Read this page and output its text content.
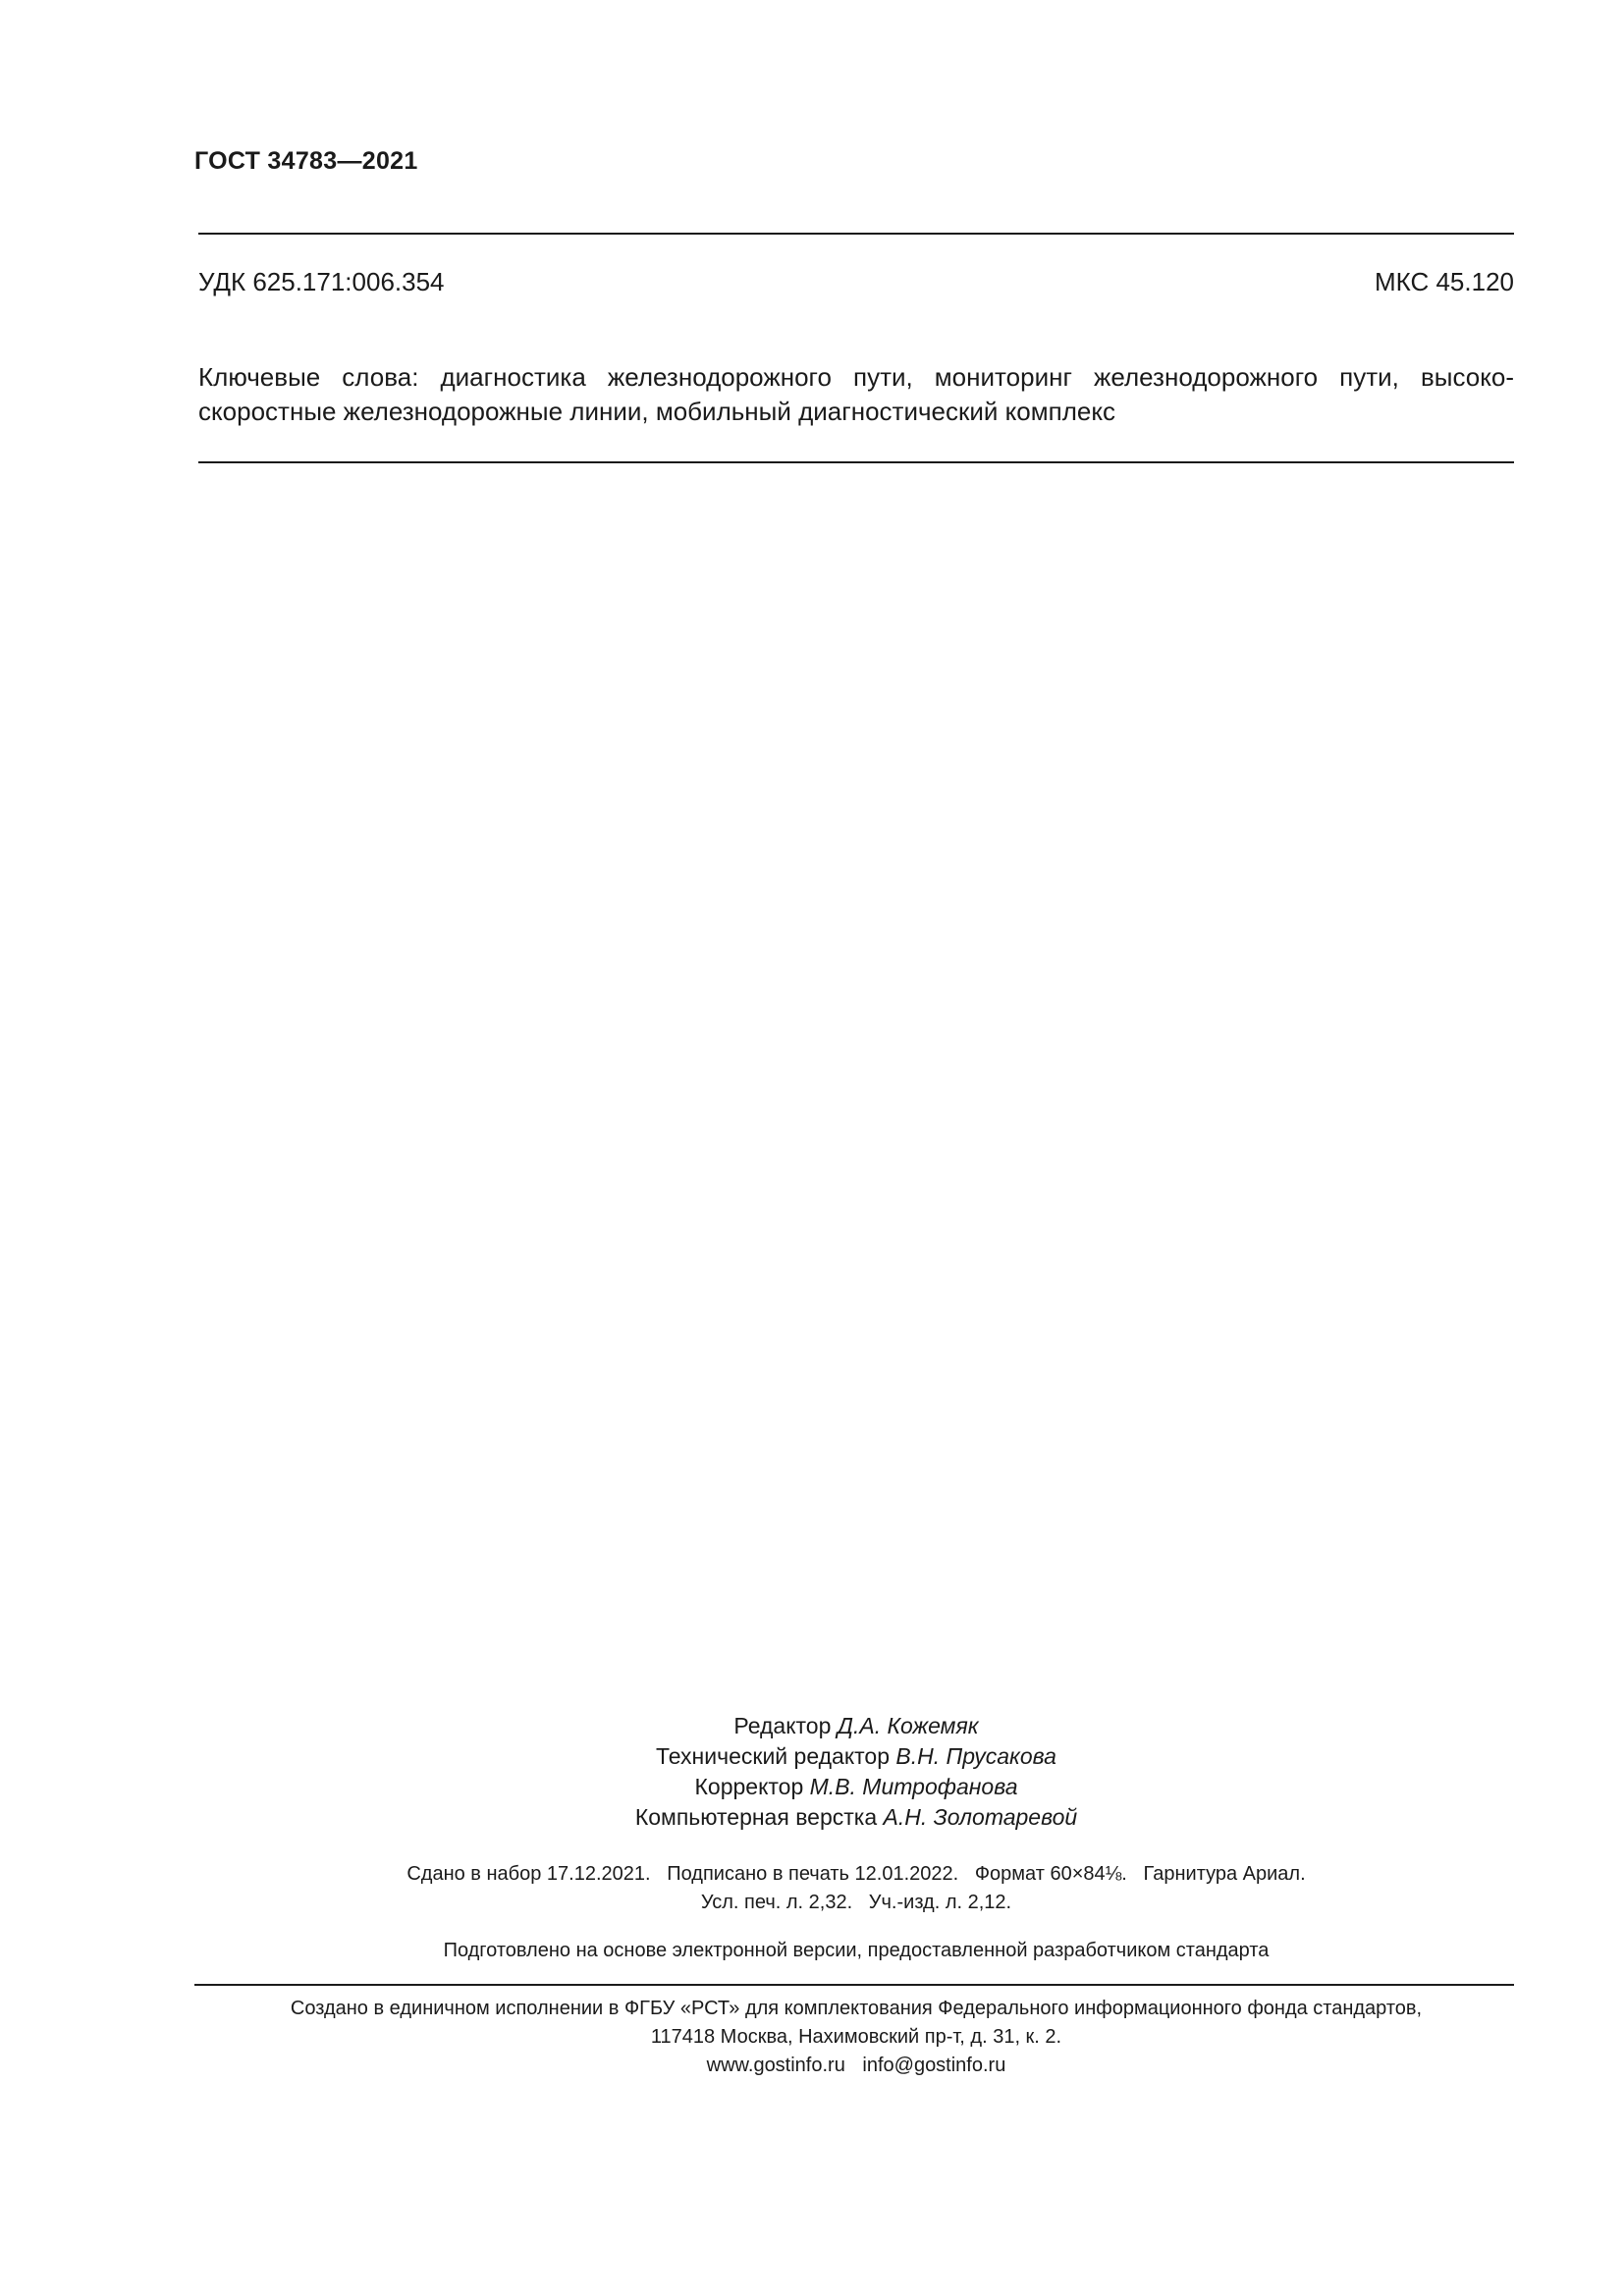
ГОСТ 34783—2021
УДК 625.171:006.354	МКС 45.120
Ключевые слова: диагностика железнодорожного пути, мониторинг железнодорожного пути, высоко-
скоростные железнодорожные линии, мобильный диагностический комплекс
Редактор Д.А. Кожемяк
Технический редактор В.Н. Прусакова
Корректор М.В. Митрофанова
Компьютерная верстка А.Н. Золотаревой
Сдано в набор 17.12.2021.   Подписано в печать 12.01.2022.   Формат 60×84⅛.   Гарнитура Ариал.
Усл. печ. л. 2,32.   Уч.-изд. л. 2,12.
Подготовлено на основе электронной версии, предоставленной разработчиком стандарта
Создано в единичном исполнении в ФГБУ «РСТ» для комплектования Федерального информационного фонда стандартов,
117418 Москва, Нахимовский пр-т, д. 31, к. 2.
www.gostinfo.ru info@gostinfo.ru
